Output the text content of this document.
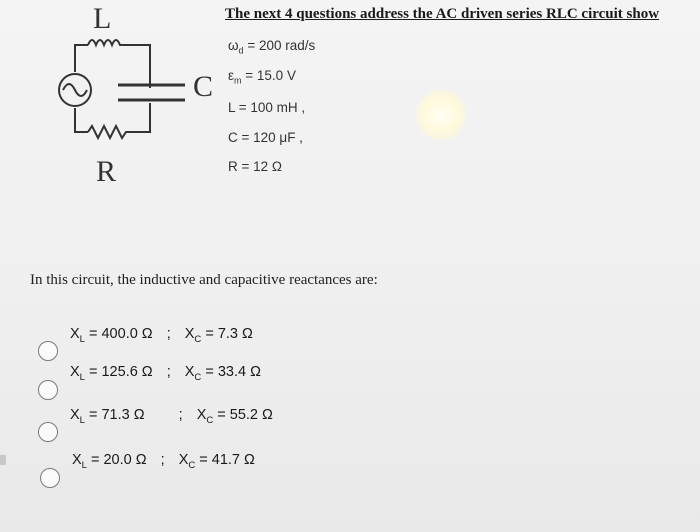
L
C
R
The next 4 questions address the AC driven series RLC circuit show
$\omega_d = 200$ rad/s
$\varepsilon_m = 15.0$ V
L = 100 mH ,
C = 120 μF ,
R = 12 Ω
In this circuit, the inductive and capacitive reactances are:
$X_L = 400.0$ Ω ; $X_C = 7.3$ Ω
$X_L = 125.6$ Ω ; $X_C = 33.4$ Ω
$X_L = 71.3$ Ω ; $X_C = 55.2$ Ω
$X_L = 20.0$ Ω ; $X_C = 41.7$ Ω
